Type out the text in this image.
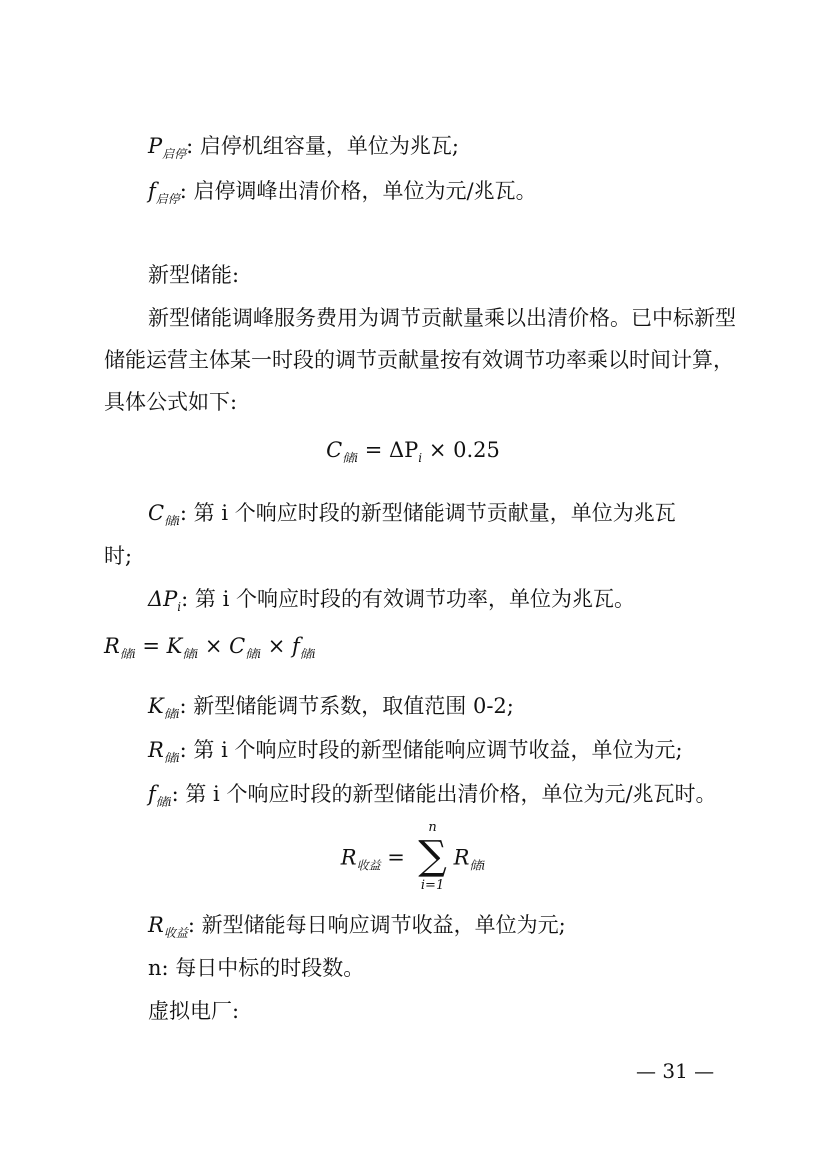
$P_{启停}$: 启停机组容量，单位为兆瓦;
$f_{启停}$: 启停调峰出清价格，单位为元/兆瓦。
新型储能:
新型储能调峰服务费用为调节贡献量乘以出清价格。已中标新型储能运营主体某一时段的调节贡献量按有效调节功率乘以时间计算，具体公式如下:
$C_{储i} = \Delta P_i \times 0.25$
$C_{储i}$: 第 i 个响应时段的新型储能调节贡献量，单位为兆瓦
时;
$\Delta P_i$: 第 i 个响应时段的有效调节功率，单位为兆瓦。
$R_{储i} = K_{储i} \times C_{储i} \times f_{储i}$
$K_{储i}$: 新型储能调节系数，取值范围 0-2;
$R_{储i}$: 第 i 个响应时段的新型储能响应调节收益，单位为元;
$f_{储i}$: 第 i 个响应时段的新型储能出清价格，单位为元/兆瓦时。
$R_{收益}$ =
n
∑
i=1
$R_{储i}$
$R_{收益}$: 新型储能每日响应调节收益，单位为元;
n: 每日中标的时段数。
虚拟电厂:
— 31 —
